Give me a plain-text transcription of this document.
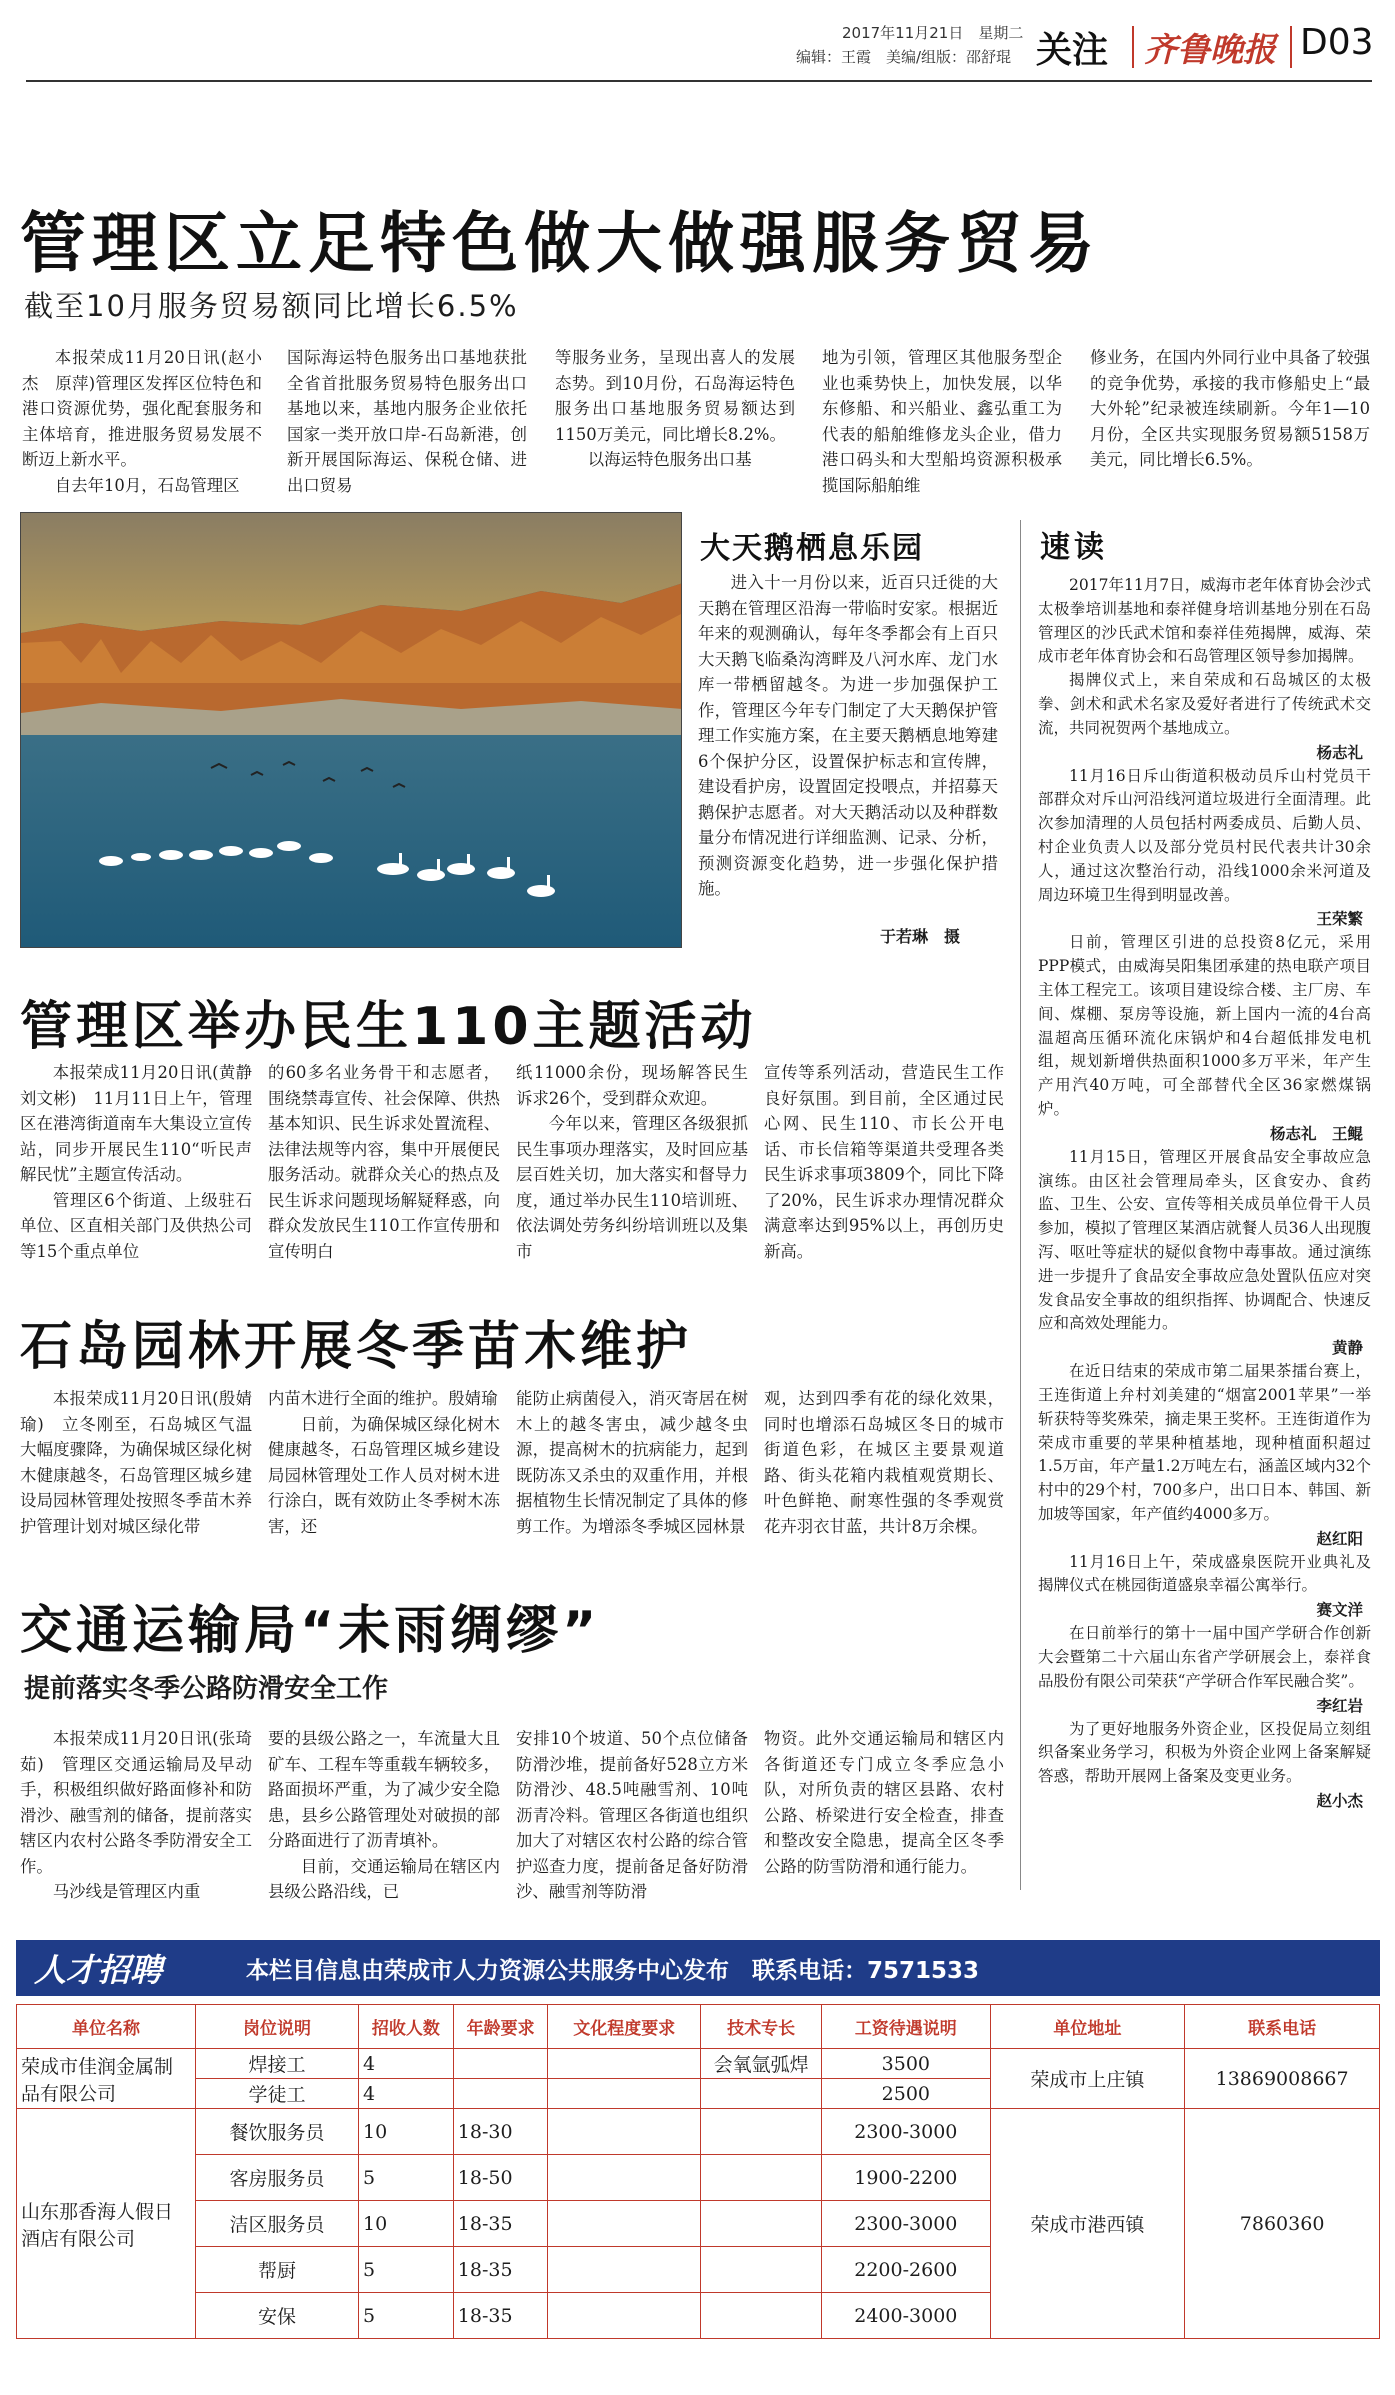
2017年11月21日　星期二
编辑：王霞　美编/组版：邵舒琨 关注 齐鲁晚报 D03
管理区立足特色做大做强服务贸易
截至10月服务贸易额同比增长6.5%

本报荣成11月20日讯(赵小杰　原萍)管理区发挥区位特色和港口资源优势，强化配套服务和主体培育，推进服务贸易发展不断迈上新水平。

自去年10月，石岛管理区

国际海运特色服务出口基地获批全省首批服务贸易特色服务出口基地以来，基地内服务企业依托国家一类开放口岸-石岛新港，创新开展国际海运、保税仓储、进出口贸易

等服务业务，呈现出喜人的发展态势。到10月份，石岛海运特色服务出口基地服务贸易额达到1150万美元，同比增长8.2%。

以海运特色服务出口基

地为引领，管理区其他服务型企业也乘势快上，加快发展，以华东修船、和兴船业、鑫弘重工为代表的船舶维修龙头企业，借力港口码头和大型船坞资源积极承揽国际船舶维

修业务，在国内外同行业中具备了较强的竞争优势，承接的我市修船史上“最大外轮”纪录被连续刷新。今年1—10月份，全区共实现服务贸易额5158万美元，同比增长6.5%。

大天鹅栖息乐园

进入十一月份以来，近百只迁徙的大天鹅在管理区沿海一带临时安家。根据近年来的观测确认，每年冬季都会有上百只大天鹅飞临桑沟湾畔及八河水库、龙门水库一带栖留越冬。为进一步加强保护工作，管理区今年专门制定了大天鹅保护管理工作实施方案，在主要天鹅栖息地筹建6个保护分区，设置保护标志和宣传牌，建设看护房，设置固定投喂点，并招募天鹅保护志愿者。对大天鹅活动以及种群数量分布情况进行详细监测、记录、分析，预测资源变化趋势，进一步强化保护措施。

于若琳　摄
速读

2017年11月7日，威海市老年体育协会沙式太极拳培训基地和泰祥健身培训基地分别在石岛管理区的沙氏武术馆和泰祥佳苑揭牌，威海、荣成市老年体育协会和石岛管理区领导参加揭牌。

揭牌仪式上，来自荣成和石岛城区的太极拳、剑术和武术名家及爱好者进行了传统武术交流，共同祝贺两个基地成立。

杨志礼

11月16日斥山街道积极动员斥山村党员干部群众对斥山河沿线河道垃圾进行全面清理。此次参加清理的人员包括村两委成员、后勤人员、村企业负责人以及部分党员村民代表共计30余人，通过这次整治行动，沿线1000余米河道及周边环境卫生得到明显改善。

王荣繁

日前，管理区引进的总投资8亿元，采用PPP模式，由威海吴阳集团承建的热电联产项目主体工程完工。该项目建设综合楼、主厂房、车间、煤棚、泵房等设施，新上国内一流的4台高温超高压循环流化床锅炉和4台超低排发电机组，规划新增供热面积1000多万平米，年产生产用汽40万吨，可全部替代全区36家燃煤锅炉。

杨志礼　王鲲

11月15日，管理区开展食品安全事故应急演练。由区社会管理局牵头，区食安办、食药监、卫生、公安、宣传等相关成员单位骨干人员参加，模拟了管理区某酒店就餐人员36人出现腹泻、呕吐等症状的疑似食物中毒事故。通过演练进一步提升了食品安全事故应急处置队伍应对突发食品安全事故的组织指挥、协调配合、快速反应和高效处理能力。

黄静

在近日结束的荣成市第二届果茶擂台赛上，王连街道上弁村刘美建的“烟富2001苹果”一举斩获特等奖殊荣，摘走果王奖杯。王连街道作为荣成市重要的苹果种植基地，现种植面积超过1.5万亩，年产量1.2万吨左右，涵盖区域内32个村中的29个村，700多户，出口日本、韩国、新加坡等国家，年产值约4000多万。

赵红阳

11月16日上午，荣成盛泉医院开业典礼及揭牌仪式在桃园街道盛泉幸福公寓举行。

赛文洋

在日前举行的第十一届中国产学研合作创新大会暨第二十六届山东省产学研展会上，泰祥食品股份有限公司荣获“产学研合作军民融合奖”。

李红岩

为了更好地服务外资企业，区投促局立刻组织备案业务学习，积极为外资企业网上备案解疑答惑，帮助开展网上备案及变更业务。

赵小杰
管理区举办民生110主题活动

本报荣成11月20日讯(黄静　刘文彬)　11月11日上午，管理区在港湾街道南车大集设立宣传站，同步开展民生110“听民声　解民忧”主题宣传活动。

管理区6个街道、上级驻石单位、区直相关部门及供热公司等15个重点单位

的60多名业务骨干和志愿者，围绕禁毒宣传、社会保障、供热基本知识、民生诉求处置流程、法律法规等内容，集中开展便民服务活动。就群众关心的热点及民生诉求问题现场解疑释惑，向群众发放民生110工作宣传册和宣传明白

纸11000余份，现场解答民生诉求26个，受到群众欢迎。

今年以来，管理区各级狠抓民生事项办理落实，及时回应基层百姓关切，加大落实和督导力度，通过举办民生110培训班、依法调处劳务纠纷培训班以及集市

宣传等系列活动，营造民生工作良好氛围。到目前，全区通过民心网、民生110、市长公开电话、市长信箱等渠道共受理各类民生诉求事项3809个，同比下降了20%，民生诉求办理情况群众满意率达到95%以上，再创历史新高。

石岛园林开展冬季苗木维护

本报荣成11月20日讯(殷婧瑜)　立冬刚至，石岛城区气温大幅度骤降，为确保城区绿化树木健康越冬，石岛管理区城乡建设局园林管理处按照冬季苗木养护管理计划对城区绿化带

内苗木进行全面的维护。殷婧瑜

日前，为确保城区绿化树木健康越冬，石岛管理区城乡建设局园林管理处工作人员对树木进行涂白，既有效防止冬季树木冻害，还

能防止病菌侵入，消灭寄居在树木上的越冬害虫，减少越冬虫源，提高树木的抗病能力，起到既防冻又杀虫的双重作用，并根据植物生长情况制定了具体的修剪工作。为增添冬季城区园林景

观，达到四季有花的绿化效果，同时也增添石岛城区冬日的城市街道色彩，在城区主要景观道路、街头花箱内栽植观赏期长、叶色鲜艳、耐寒性强的冬季观赏花卉羽衣甘蓝，共计8万余棵。

交通运输局“未雨绸缪”
提前落实冬季公路防滑安全工作

本报荣成11月20日讯(张琦茹)　管理区交通运输局及早动手，积极组织做好路面修补和防滑沙、融雪剂的储备，提前落实辖区内农村公路冬季防滑安全工作。

马沙线是管理区内重

要的县级公路之一，车流量大且矿车、工程车等重载车辆较多，路面损坏严重，为了减少安全隐患，县乡公路管理处对破损的部分路面进行了沥青填补。

目前，交通运输局在辖区内县级公路沿线，已

安排10个坡道、50个点位储备防滑沙堆，提前备好528立方米防滑沙、48.5吨融雪剂、10吨沥青冷料。管理区各街道也组织加大了对辖区农村公路的综合管护巡查力度，提前备足备好防滑沙、融雪剂等防滑

物资。此外交通运输局和辖区内各街道还专门成立冬季应急小队，对所负责的辖区县路、农村公路、桥梁进行安全检查，排查和整改安全隐患，提高全区冬季公路的防雪防滑和通行能力。

人才招聘	本栏目信息由荣成市人力资源公共服务中心发布　联系电话：7571533
单位名称	岗位说明	招收人数	年龄要求	文化程度要求	技术专长	工资待遇说明	单位地址	联系电话
荣成市佳润金属制品有限公司	焊接工	4			会氧氩弧焊	3500	荣成市上庄镇	13869008667
	学徒工	4				2500		
山东那香海人假日酒店有限公司	餐饮服务员	10	18-30			2300-3000	荣成市港西镇	7860360
	客房服务员	5	18-50			1900-2200		
	洁区服务员	10	18-35			2300-3000		
	帮厨	5	18-35			2200-2600		
	安保	5	18-35			2400-3000		
